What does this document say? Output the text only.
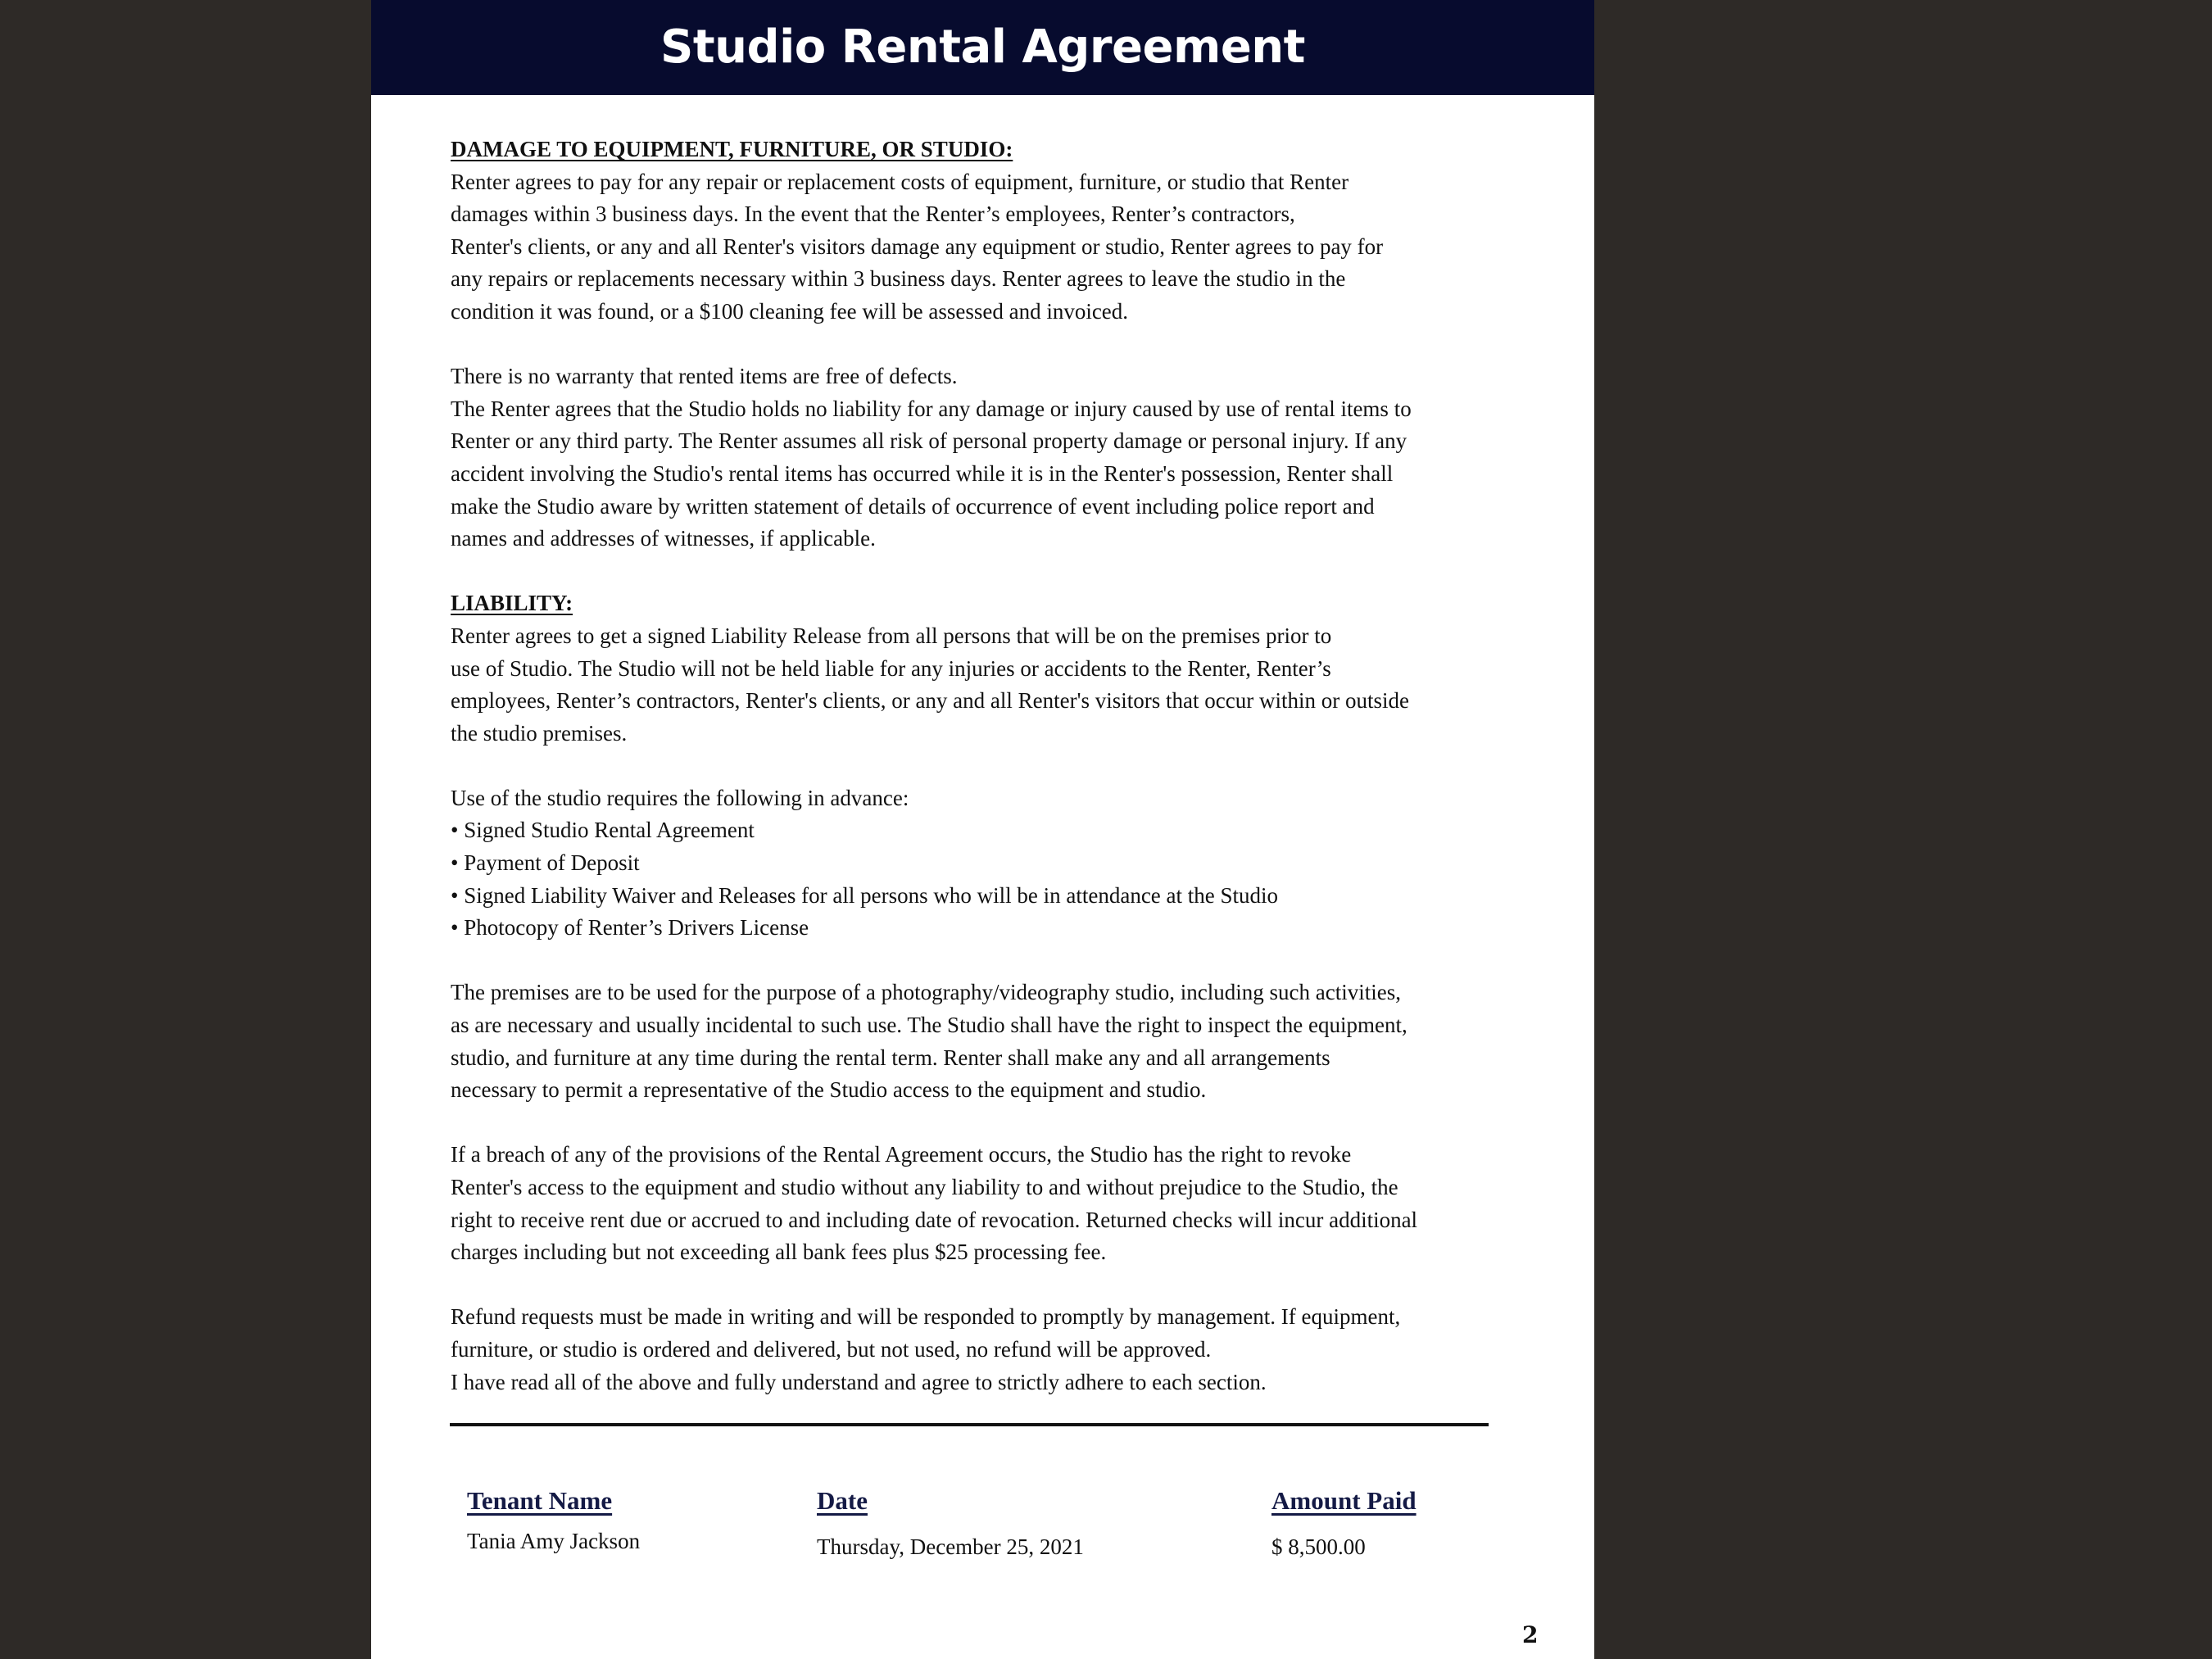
Studio Rental Agreement

DAMAGE TO EQUIPMENT, FURNITURE, OR STUDIO:

Renter agrees to pay for any repair or replacement costs of equipment, furniture, or studio that Renter

damages within 3 business days. In the event that the Renter’s employees, Renter’s contractors,

Renter's clients, or any and all Renter's visitors damage any equipment or studio, Renter agrees to pay for

any repairs or replacements necessary within 3 business days. Renter agrees to leave the studio in the

condition it was found, or a $100 cleaning fee will be assessed and invoiced.

There is no warranty that rented items are free of defects.

The Renter agrees that the Studio holds no liability for any damage or injury caused by use of rental items to

Renter or any third party. The Renter assumes all risk of personal property damage or personal injury. If any

accident involving the Studio's rental items has occurred while it is in the Renter's possession, Renter shall

make the Studio aware by written statement of details of occurrence of event including police report and

names and addresses of witnesses, if applicable.

LIABILITY:

Renter agrees to get a signed Liability Release from all persons that will be on the premises prior to

use of Studio. The Studio will not be held liable for any injuries or accidents to the Renter, Renter’s

employees, Renter’s contractors, Renter's clients, or any and all Renter's visitors that occur within or outside

the studio premises.

Use of the studio requires the following in advance:

• Signed Studio Rental Agreement

• Payment of Deposit

• Signed Liability Waiver and Releases for all persons who will be in attendance at the Studio

• Photocopy of Renter’s Drivers License

The premises are to be used for the purpose of a photography/videography studio, including such activities,

as are necessary and usually incidental to such use. The Studio shall have the right to inspect the equipment,

studio, and furniture at any time during the rental term. Renter shall make any and all arrangements

necessary to permit a representative of the Studio access to the equipment and studio.

If a breach of any of the provisions of the Rental Agreement occurs, the Studio has the right to revoke

Renter's access to the equipment and studio without any liability to and without prejudice to the Studio, the

right to receive rent due or accrued to and including date of revocation. Returned checks will incur additional

charges including but not exceeding all bank fees plus $25 processing fee.

Refund requests must be made in writing and will be responded to promptly by management. If equipment,

furniture, or studio is ordered and delivered, but not used, no refund will be approved.

I have read all of the above and fully understand and agree to strictly adhere to each section.

Tenant Name
Tania Amy Jackson
Date
Thursday, December 25, 2021
Amount Paid
$ 8,500.00
2
